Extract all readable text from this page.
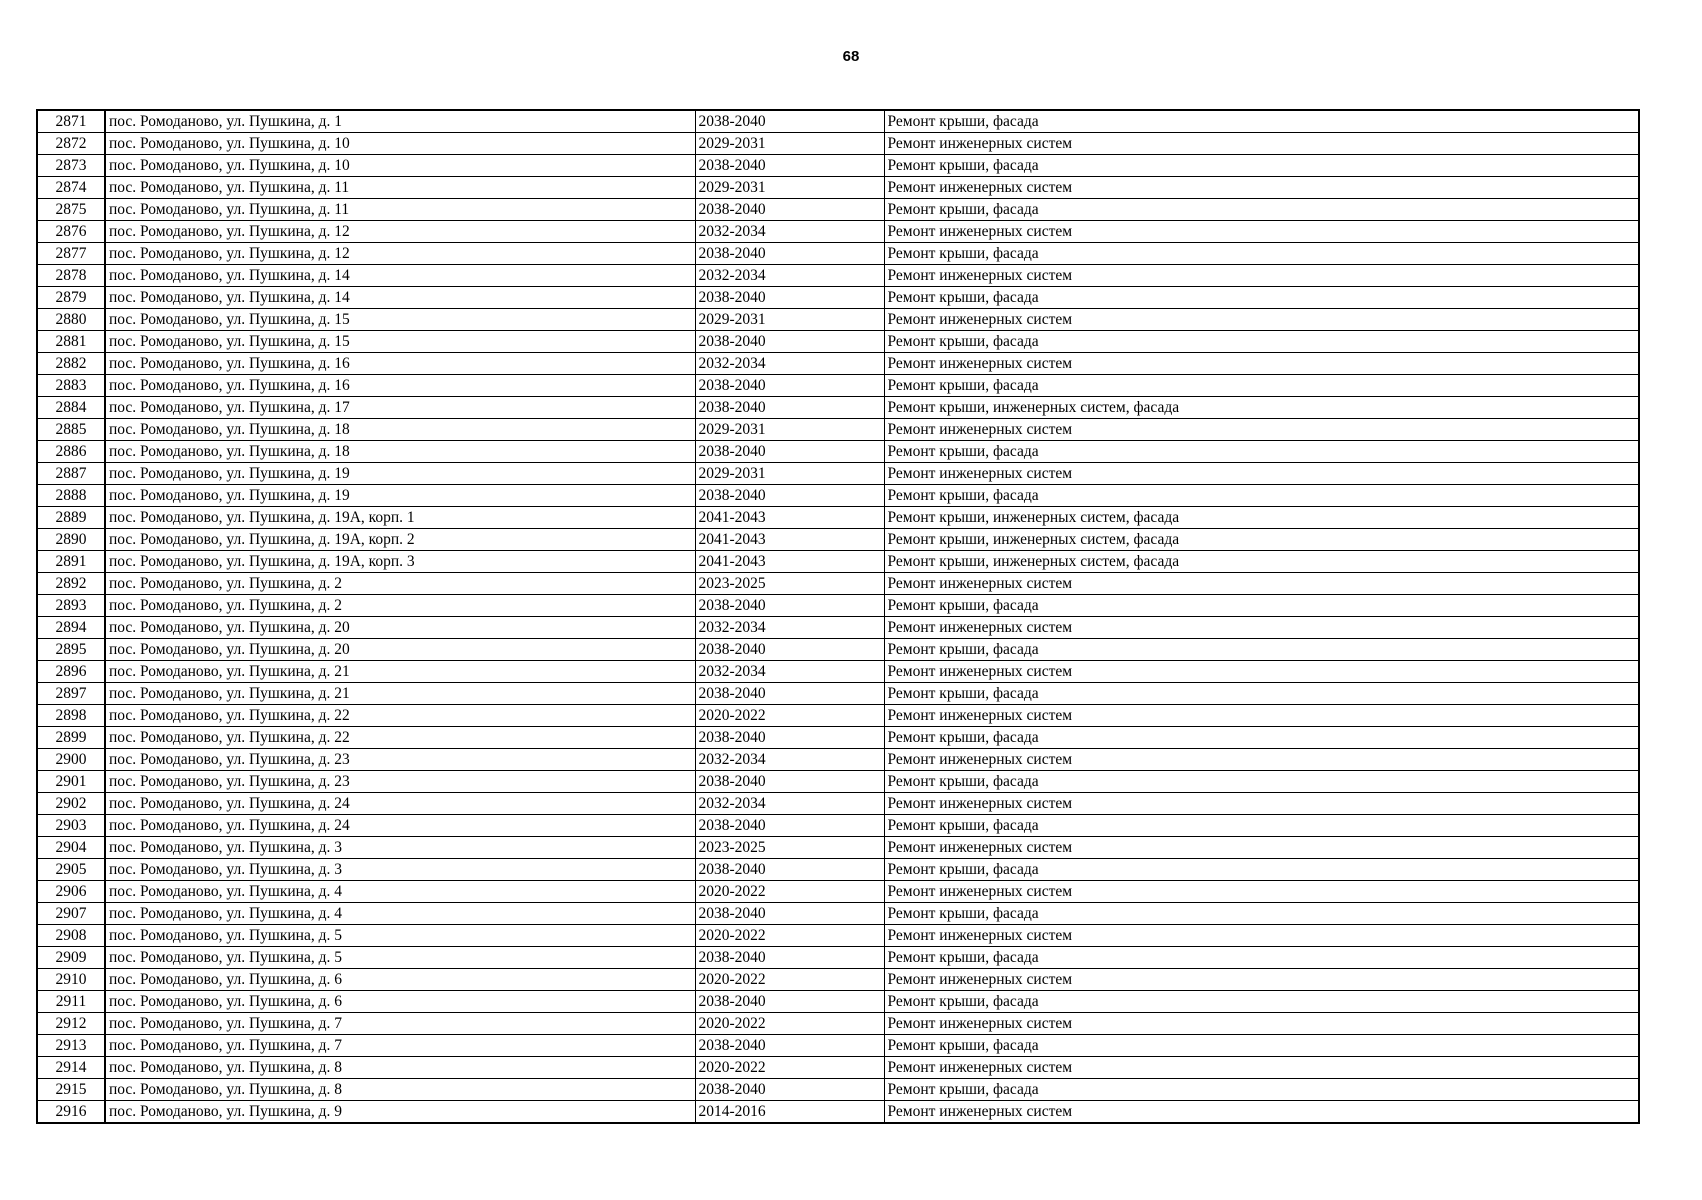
68
2871	пос. Ромоданово, ул. Пушкина, д. 1	2038-2040	Ремонт крыши, фасада
2872	пос. Ромоданово, ул. Пушкина, д. 10	2029-2031	Ремонт инженерных систем
2873	пос. Ромоданово, ул. Пушкина, д. 10	2038-2040	Ремонт крыши, фасада
2874	пос. Ромоданово, ул. Пушкина, д. 11	2029-2031	Ремонт инженерных систем
2875	пос. Ромоданово, ул. Пушкина, д. 11	2038-2040	Ремонт крыши, фасада
2876	пос. Ромоданово, ул. Пушкина, д. 12	2032-2034	Ремонт инженерных систем
2877	пос. Ромоданово, ул. Пушкина, д. 12	2038-2040	Ремонт крыши, фасада
2878	пос. Ромоданово, ул. Пушкина, д. 14	2032-2034	Ремонт инженерных систем
2879	пос. Ромоданово, ул. Пушкина, д. 14	2038-2040	Ремонт крыши, фасада
2880	пос. Ромоданово, ул. Пушкина, д. 15	2029-2031	Ремонт инженерных систем
2881	пос. Ромоданово, ул. Пушкина, д. 15	2038-2040	Ремонт крыши, фасада
2882	пос. Ромоданово, ул. Пушкина, д. 16	2032-2034	Ремонт инженерных систем
2883	пос. Ромоданово, ул. Пушкина, д. 16	2038-2040	Ремонт крыши, фасада
2884	пос. Ромоданово, ул. Пушкина, д. 17	2038-2040	Ремонт крыши, инженерных систем, фасада
2885	пос. Ромоданово, ул. Пушкина, д. 18	2029-2031	Ремонт инженерных систем
2886	пос. Ромоданово, ул. Пушкина, д. 18	2038-2040	Ремонт крыши, фасада
2887	пос. Ромоданово, ул. Пушкина, д. 19	2029-2031	Ремонт инженерных систем
2888	пос. Ромоданово, ул. Пушкина, д. 19	2038-2040	Ремонт крыши, фасада
2889	пос. Ромоданово, ул. Пушкина, д. 19А, корп. 1	2041-2043	Ремонт крыши, инженерных систем, фасада
2890	пос. Ромоданово, ул. Пушкина, д. 19А, корп. 2	2041-2043	Ремонт крыши, инженерных систем, фасада
2891	пос. Ромоданово, ул. Пушкина, д. 19А, корп. 3	2041-2043	Ремонт крыши, инженерных систем, фасада
2892	пос. Ромоданово, ул. Пушкина, д. 2	2023-2025	Ремонт инженерных систем
2893	пос. Ромоданово, ул. Пушкина, д. 2	2038-2040	Ремонт крыши, фасада
2894	пос. Ромоданово, ул. Пушкина, д. 20	2032-2034	Ремонт инженерных систем
2895	пос. Ромоданово, ул. Пушкина, д. 20	2038-2040	Ремонт крыши, фасада
2896	пос. Ромоданово, ул. Пушкина, д. 21	2032-2034	Ремонт инженерных систем
2897	пос. Ромоданово, ул. Пушкина, д. 21	2038-2040	Ремонт крыши, фасада
2898	пос. Ромоданово, ул. Пушкина, д. 22	2020-2022	Ремонт инженерных систем
2899	пос. Ромоданово, ул. Пушкина, д. 22	2038-2040	Ремонт крыши, фасада
2900	пос. Ромоданово, ул. Пушкина, д. 23	2032-2034	Ремонт инженерных систем
2901	пос. Ромоданово, ул. Пушкина, д. 23	2038-2040	Ремонт крыши, фасада
2902	пос. Ромоданово, ул. Пушкина, д. 24	2032-2034	Ремонт инженерных систем
2903	пос. Ромоданово, ул. Пушкина, д. 24	2038-2040	Ремонт крыши, фасада
2904	пос. Ромоданово, ул. Пушкина, д. 3	2023-2025	Ремонт инженерных систем
2905	пос. Ромоданово, ул. Пушкина, д. 3	2038-2040	Ремонт крыши, фасада
2906	пос. Ромоданово, ул. Пушкина, д. 4	2020-2022	Ремонт инженерных систем
2907	пос. Ромоданово, ул. Пушкина, д. 4	2038-2040	Ремонт крыши, фасада
2908	пос. Ромоданово, ул. Пушкина, д. 5	2020-2022	Ремонт инженерных систем
2909	пос. Ромоданово, ул. Пушкина, д. 5	2038-2040	Ремонт крыши, фасада
2910	пос. Ромоданово, ул. Пушкина, д. 6	2020-2022	Ремонт инженерных систем
2911	пос. Ромоданово, ул. Пушкина, д. 6	2038-2040	Ремонт крыши, фасада
2912	пос. Ромоданово, ул. Пушкина, д. 7	2020-2022	Ремонт инженерных систем
2913	пос. Ромоданово, ул. Пушкина, д. 7	2038-2040	Ремонт крыши, фасада
2914	пос. Ромоданово, ул. Пушкина, д. 8	2020-2022	Ремонт инженерных систем
2915	пос. Ромоданово, ул. Пушкина, д. 8	2038-2040	Ремонт крыши, фасада
2916	пос. Ромоданово, ул. Пушкина, д. 9	2014-2016	Ремонт инженерных систем
